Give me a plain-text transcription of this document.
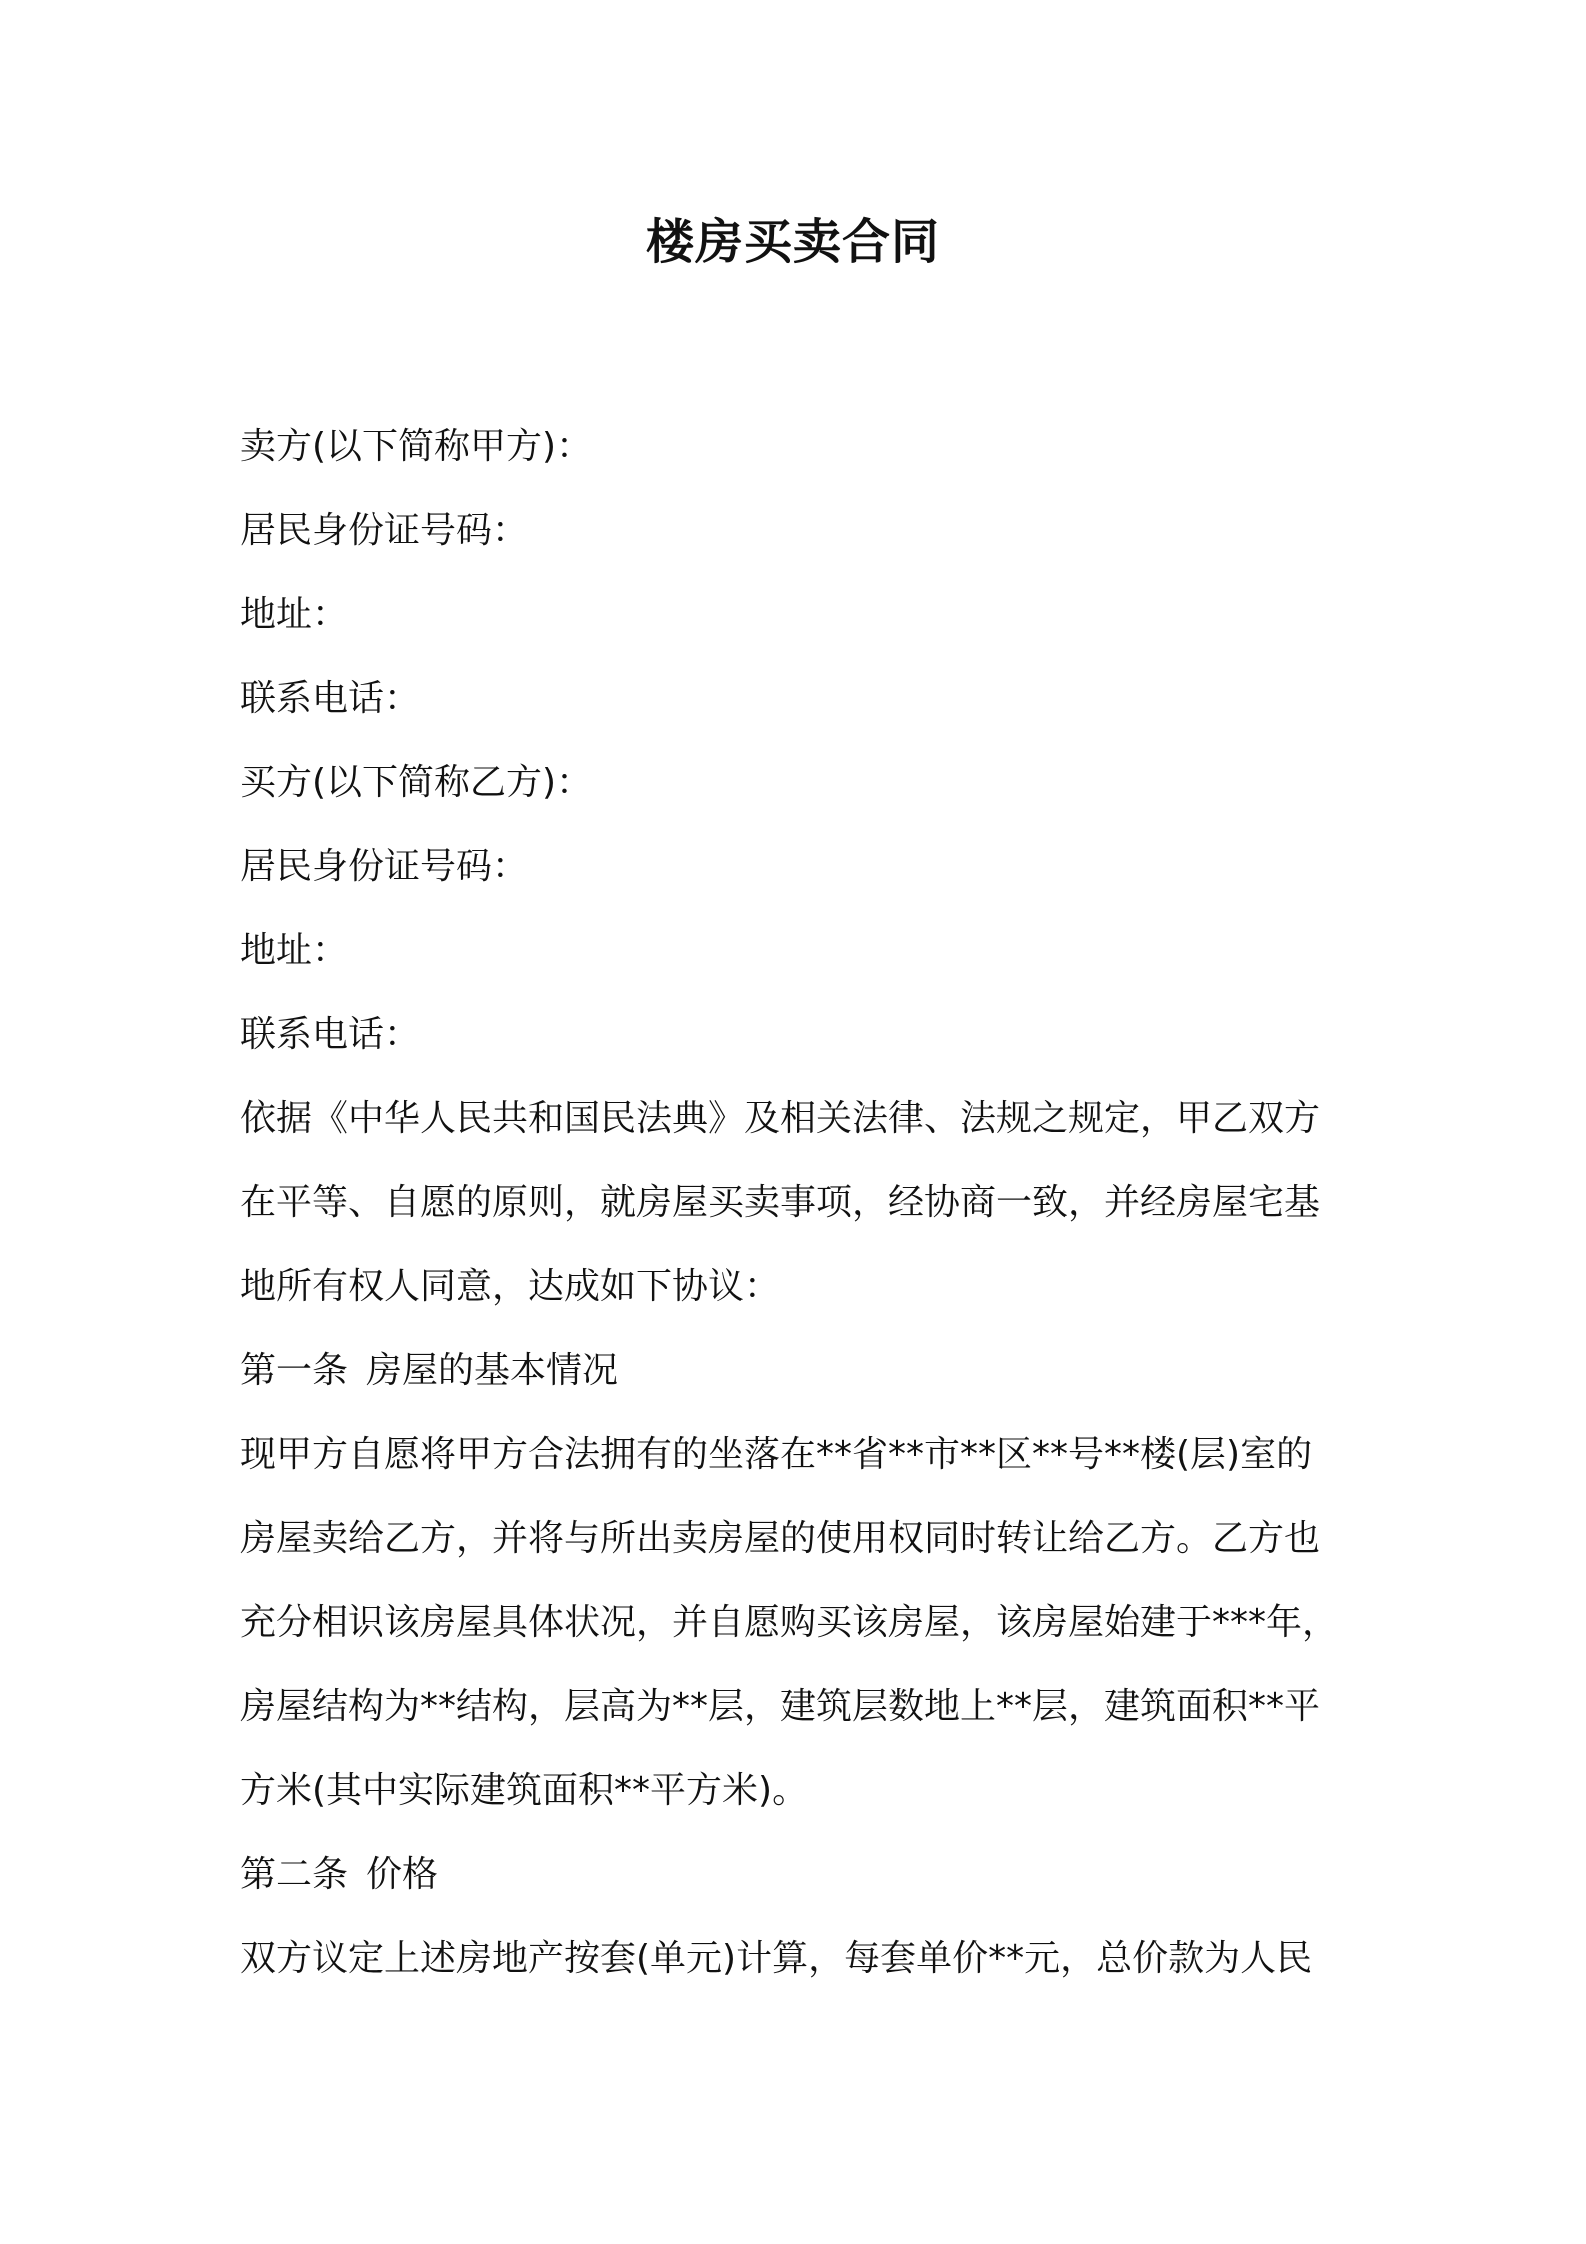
楼房买卖合同
卖方(以下简称甲方)：
居民身份证号码：
地址：
联系电话：
买方(以下简称乙方)：
居民身份证号码：
地址：
联系电话：
依据《中华人民共和国民法典》及相关法律、法规之规定，甲乙双方
在平等、自愿的原则，就房屋买卖事项，经协商一致，并经房屋宅基
地所有权人同意，达成如下协议：
第一条 房屋的基本情况
现甲方自愿将甲方合法拥有的坐落在**省**市**区**号**楼(层)室的
房屋卖给乙方，并将与所出卖房屋的使用权同时转让给乙方。乙方也
充分相识该房屋具体状况，并自愿购买该房屋，该房屋始建于***年，
房屋结构为**结构，层高为**层，建筑层数地上**层，建筑面积**平
方米(其中实际建筑面积**平方米)。
第二条 价格
双方议定上述房地产按套(单元)计算，每套单价**元，总价款为人民
